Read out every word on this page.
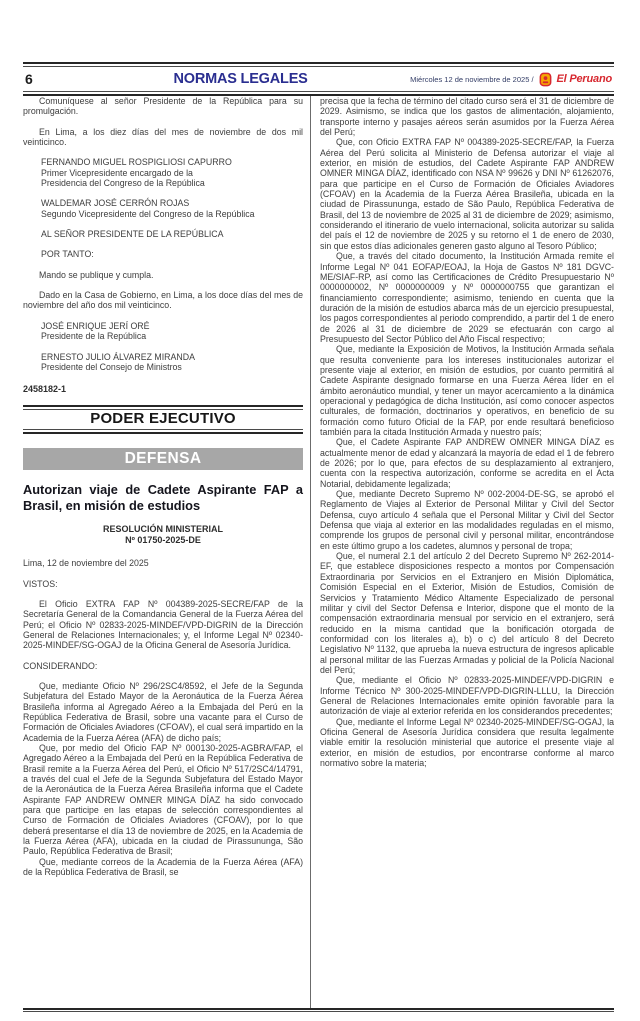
6	NORMAS LEGALES	Miércoles 12 de noviembre de 2025 / El Peruano

Comuníquese al señor Presidente de la República para su promulgación.

En Lima, a los diez días del mes de noviembre de dos mil veinticinco.

FERNANDO MIGUEL ROSPIGLIOSI CAPURRO
Primer Vicepresidente encargado de la
Presidencia del Congreso de la República
WALDEMAR JOSÉ CERRÓN ROJAS
Segundo Vicepresidente del Congreso de la República

AL SEÑOR PRESIDENTE DE LA REPÚBLICA

POR TANTO:

Mando se publique y cumpla.

Dado en la Casa de Gobierno, en Lima, a los doce días del mes de noviembre del año dos mil veinticinco.

JOSÉ ENRIQUE JERÍ ORÉ
Presidente de la República
ERNESTO JULIO ÁLVAREZ MIRANDA
Presidente del Consejo de Ministros

2458182-1

PODER EJECUTIVO
DEFENSA
Autorizan viaje de Cadete Aspirante FAP a Brasil, en misión de estudios
RESOLUCIÓN MINISTERIAL
Nº 01750-2025-DE

Lima, 12 de noviembre del 2025

VISTOS:

El Oficio EXTRA FAP Nº 004389-2025-SECRE/FAP de la Secretaría General de la Comandancia General de la Fuerza Aérea del Perú; el Oficio Nº 02833-2025-MINDEF/VPD-DIGRIN de la Dirección General de Relaciones Internacionales; y, el Informe Legal Nº 02340-2025-MINDEF/SG-OGAJ de la Oficina General de Asesoría Jurídica.

CONSIDERANDO:

Que, mediante Oficio Nº 296/2SC4/8592, el Jefe de la Segunda Subjefatura del Estado Mayor de la Aeronáutica de la Fuerza Aérea Brasileña informa al Agregado Aéreo a la Embajada del Perú en la República Federativa de Brasil, sobre una vacante para el Curso de Formación de Oficiales Aviadores (CFOAV), el cual será impartido en la Academia de la Fuerza Aérea (AFA) de dicho país;

Que, por medio del Oficio FAP Nº 000130-2025-AGBRA/FAP, el Agregado Aéreo a la Embajada del Perú en la República Federativa de Brasil remite a la Fuerza Aérea del Perú, el Oficio Nº 517/2SC4/14791, a través del cual el Jefe de la Segunda Subjefatura del Estado Mayor de la Aeronáutica de la Fuerza Aérea Brasileña informa que el Cadete Aspirante FAP ANDREW OMNER MINGA DÍAZ ha sido convocado para que participe en las etapas de selección correspondientes al Curso de Formación de Oficiales Aviadores (CFOAV), por lo que deberá presentarse el día 13 de noviembre de 2025, en la Academia de la Fuerza Aérea (AFA), ubicada en la ciudad de Pirassununga, São Paulo, República Federativa de Brasil;

Que, mediante correos de la Academia de la Fuerza Aérea (AFA) de la República Federativa de Brasil, se

precisa que la fecha de término del citado curso será el 31 de diciembre de 2029. Asimismo, se indica que los gastos de alimentación, alojamiento, transporte interno y pasajes aéreos serán asumidos por la Fuerza Aérea del Perú;

Que, con Oficio EXTRA FAP Nº 004389-2025-SECRE/FAP, la Fuerza Aérea del Perú solicita al Ministerio de Defensa autorizar el viaje al exterior, en misión de estudios, del Cadete Aspirante FAP ANDREW OMNER MINGA DÍAZ, identificado con NSA Nº 99626 y DNI Nº 61262076, para que participe en el Curso de Formación de Oficiales Aviadores (CFOAV) en la Academia de la Fuerza Aérea Brasileña, ubicada en la ciudad de Pirassununga, estado de São Paulo, República Federativa de Brasil, del 13 de noviembre de 2025 al 31 de diciembre de 2029; asimismo, considerando el itinerario de vuelo internacional, solicita autorizar su salida del país el 12 de noviembre de 2025 y su retorno el 1 de enero de 2030, sin que estos días adicionales generen gasto alguno al Tesoro Público;

Que, a través del citado documento, la Institución Armada remite el Informe Legal Nº 041 EOFAP/EOAJ, la Hoja de Gastos Nº 181 DGVC-ME/SIAF-RP, así como las Certificaciones de Crédito Presupuestario Nº 0000000002, Nº 0000000009 y Nº 0000000755 que garantizan el financiamiento correspondiente; asimismo, teniendo en cuenta que la duración de la misión de estudios abarca más de un ejercicio presupuestal, los pagos correspondientes al periodo comprendido, a partir del 1 de enero de 2026 al 31 de diciembre de 2029 se efectuarán con cargo al Presupuesto del Sector Público del Año Fiscal respectivo;

Que, mediante la Exposición de Motivos, la Institución Armada señala que resulta conveniente para los intereses institucionales autorizar el presente viaje al exterior, en misión de estudios, por cuanto permitirá al Cadete Aspirante designado formarse en una Fuerza Aérea líder en el ámbito aeronáutico mundial, y tener un mayor acercamiento a la dinámica operacional y pedagógica de dicha Institución, así como conocer aspectos culturales, de formación, doctrinarios y operativos, en beneficio de su formación como futuro Oficial de la FAP, por ende resultará beneficioso también para la citada Institución Armada y nuestro país;

Que, el Cadete Aspirante FAP ANDREW OMNER MINGA DÍAZ es actualmente menor de edad y alcanzará la mayoría de edad el 1 de febrero de 2026; por lo que, para efectos de su desplazamiento al extranjero, cuenta con la respectiva autorización, conforme se acredita en el Acta Notarial, debidamente legalizada;

Que, mediante Decreto Supremo Nº 002-2004-DE-SG, se aprobó el Reglamento de Viajes al Exterior de Personal Militar y Civil del Sector Defensa, cuyo artículo 4 señala que el Personal Militar y Civil del Sector Defensa que viaja al exterior en las modalidades reguladas en el mismo, comprende los grupos de personal civil y personal militar, encontrándose en este último grupo a los cadetes, alumnos y personal de tropa;

Que, el numeral 2.1 del artículo 2 del Decreto Supremo Nº 262-2014-EF, que establece disposiciones respecto a montos por Compensación Extraordinaria por Servicios en el Extranjero en Misión Diplomática, Comisión Especial en el Exterior, Misión de Estudios, Comisión de Servicios y Tratamiento Médico Altamente Especializado de personal militar y civil del Sector Defensa e Interior, dispone que el monto de la compensación extraordinaria mensual por servicio en el extranjero, será reducido en la misma cantidad que la bonificación otorgada de conformidad con los literales a), b) o c) del artículo 8 del Decreto Legislativo Nº 1132, que aprueba la nueva estructura de ingresos aplicable al personal militar de las Fuerzas Armadas y policial de la Policía Nacional del Perú;

Que, mediante el Oficio Nº 02833-2025-MINDEF/VPD-DIGRIN e Informe Técnico Nº 300-2025-MINDEF/VPD-DIGRIN-LLLU, la Dirección General de Relaciones Internacionales emite opinión favorable para la autorización de viaje al exterior referida en los considerandos precedentes;

Que, mediante el Informe Legal Nº 02340-2025-MINDEF/SG-OGAJ, la Oficina General de Asesoría Jurídica considera que resulta legalmente viable emitir la resolución ministerial que autorice el presente viaje al exterior, en misión de estudios, por encontrarse conforme al marco normativo sobre la materia;
